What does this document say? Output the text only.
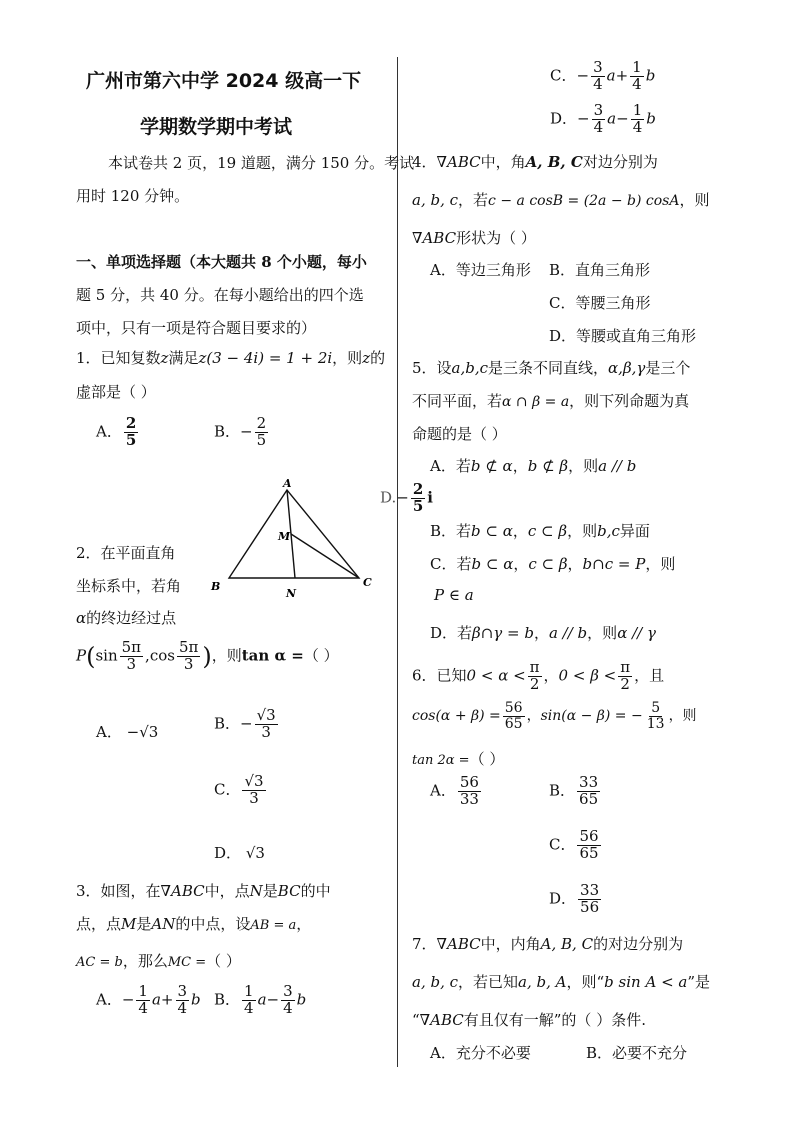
广州市第六中学 2024 级高一下
学期数学期中考试
本试卷共 2 页，19 道题，满分 150 分。考试
用时 120 分钟。
一、单项选择题（本大题共 8 个小题，每小
题 5 分，共 40 分。在每小题给出的四个选
项中，只有一项是符合题目要求的）
1．已知复数z满足z(3 − 4i) = 1 + 2i，则z的
虚部是（ ）
A． $\frac{2}{5}$	B．− $\frac{2}{5}$
$D.- \frac{2}{5}$ i
A
B	C
M
N
2．在平面直角
坐标系中，若角
α的终边经过点
$P(\sin \frac{5\pi}{3} ,\cos \frac{5\pi}{3}$ )，则tan α =（ ）
A． −√3	B．− $\frac{√3}{3}$
C． $\frac{√3}{3}$
D． √3
3．如图，在∇ABC中，点N是BC的中
点，点M是AN的中点，设AB = a，
AC = b，那么MC =（ ）
A．− $\frac{1}{4} a+ \frac{3}{4}$ b B． $\frac{1}{4} a- \frac{3}{4}$ b
C．− $\frac{3}{4} a+ \frac{1}{4}$ b
D．− $\frac{3}{4} a- \frac{1}{4}$ b
4．∇ABC中，角A, B, C对边分别为
a, b, c，若c − a cosB = (2a − b) cosA，则
∇ABC形状为（ ）
A．等边三角形 B．直角三角形
C．等腰三角形
D．等腰或直角三角形
5．设a,b,c是三条不同直线，α,β,γ是三个
不同平面，若α ∩ β = a，则下列命题为真
命题的是（ ）
A．若b ⊄ α，b ⊄ β，则a // b
B．若b ⊂ α，c ⊂ β，则b,c异面
C．若b ⊂ α，c ⊂ β，b∩c = P，则
P ∈ a
D．若β∩γ = b，a // b，则α // γ
6．已知$0 < \alpha < \frac{\pi}{2}$ ，$0 < \beta < \frac{\pi}{2}$ ，且
$\cos(\alpha + \beta) = \frac{56}{65}$ ，sin(α − β) = − $\frac{5}{13}$ ，则
tan 2α =（ ）
A． $\frac{56}{33}$	B． $\frac{33}{65}$
C． $\frac{56}{65}$
D． $\frac{33}{56}$
7．∇ABC中，内角A, B, C的对边分别为
a, b, c，若已知a, b, A，则“b sin A < a”是
“∇ABC有且仅有一解”的（ ）条件.
A．充分不必要	B．必要不充分
